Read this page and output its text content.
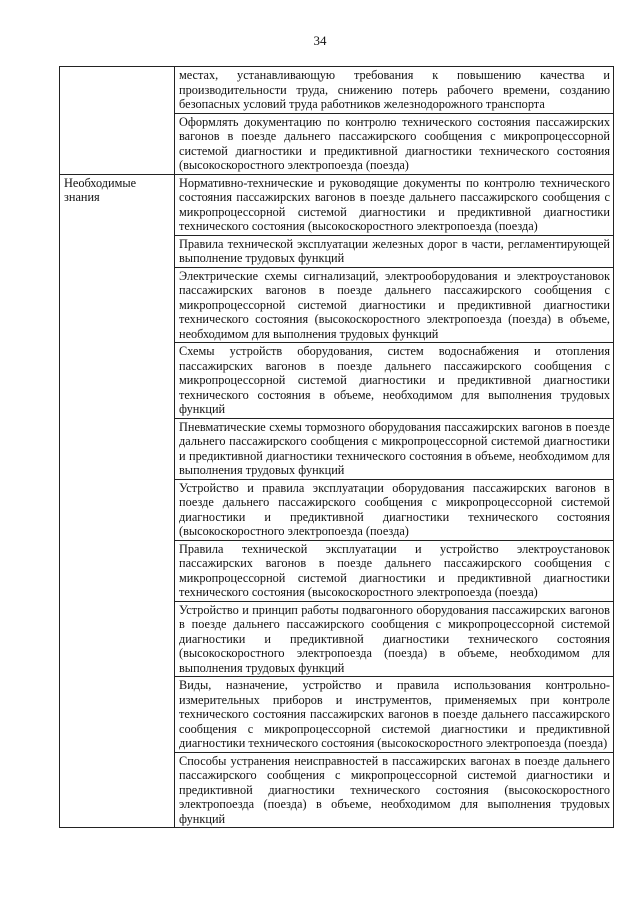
34

	местах, устанавливающую требования к повышению качества и производительности труда, снижению потерь рабочего времени, созданию безопасных условий труда работников железнодорожного транспорта

	Оформлять документацию по контролю технического состояния пассажирских вагонов в поезде дальнего пассажирского сообщения с микропроцессорной системой диагностики и предиктивной диагностики технического состояния (высокоскоростного электропоезда (поезда)

Необходимые знания	Нормативно-технические и руководящие документы по контролю технического состояния пассажирских вагонов в поезде дальнего пассажирского сообщения с микропроцессорной системой диагностики и предиктивной диагностики технического состояния (высокоскоростного электропоезда (поезда)

	Правила технической эксплуатации железных дорог в части, регламентирующей выполнение трудовых функций

	Электрические схемы сигнализаций, электрооборудования и электроустановок пассажирских вагонов в поезде дальнего пассажирского сообщения с микропроцессорной системой диагностики и предиктивной диагностики технического состояния (высокоскоростного электропоезда (поезда) в объеме, необходимом для выполнения трудовых функций

	Схемы устройств оборудования, систем водоснабжения и отопления пассажирских вагонов в поезде дальнего пассажирского сообщения с микропроцессорной системой диагностики и предиктивной диагностики технического состояния в объеме, необходимом для выполнения трудовых функций

	Пневматические схемы тормозного оборудования пассажирских вагонов в поезде дальнего пассажирского сообщения с микропроцессорной системой диагностики и предиктивной диагностики технического состояния в объеме, необходимом для выполнения трудовых функций

	Устройство и правила эксплуатации оборудования пассажирских вагонов в поезде дальнего пассажирского сообщения с микропроцессорной системой диагностики и предиктивной диагностики технического состояния (высокоскоростного электропоезда (поезда)

	Правила технической эксплуатации и устройство электроустановок пассажирских вагонов в поезде дальнего пассажирского сообщения с микропроцессорной системой диагностики и предиктивной диагностики технического состояния (высокоскоростного электропоезда (поезда)

	Устройство и принцип работы подвагонного оборудования пассажирских вагонов в поезде дальнего пассажирского сообщения с микропроцессорной системой диагностики и предиктивной диагностики технического состояния (высокоскоростного электропоезда (поезда) в объеме, необходимом для выполнения трудовых функций

	Виды, назначение, устройство и правила использования контрольно-измерительных приборов и инструментов, применяемых при контроле технического состояния пассажирских вагонов в поезде дальнего пассажирского сообщения с микропроцессорной системой диагностики и предиктивной диагностики технического состояния (высокоскоростного электропоезда (поезда)

	Способы устранения неисправностей в пассажирских вагонах в поезде дальнего пассажирского сообщения с микропроцессорной системой диагностики и предиктивной диагностики технического состояния (высокоскоростного электропоезда (поезда) в объеме, необходимом для выполнения трудовых функций
